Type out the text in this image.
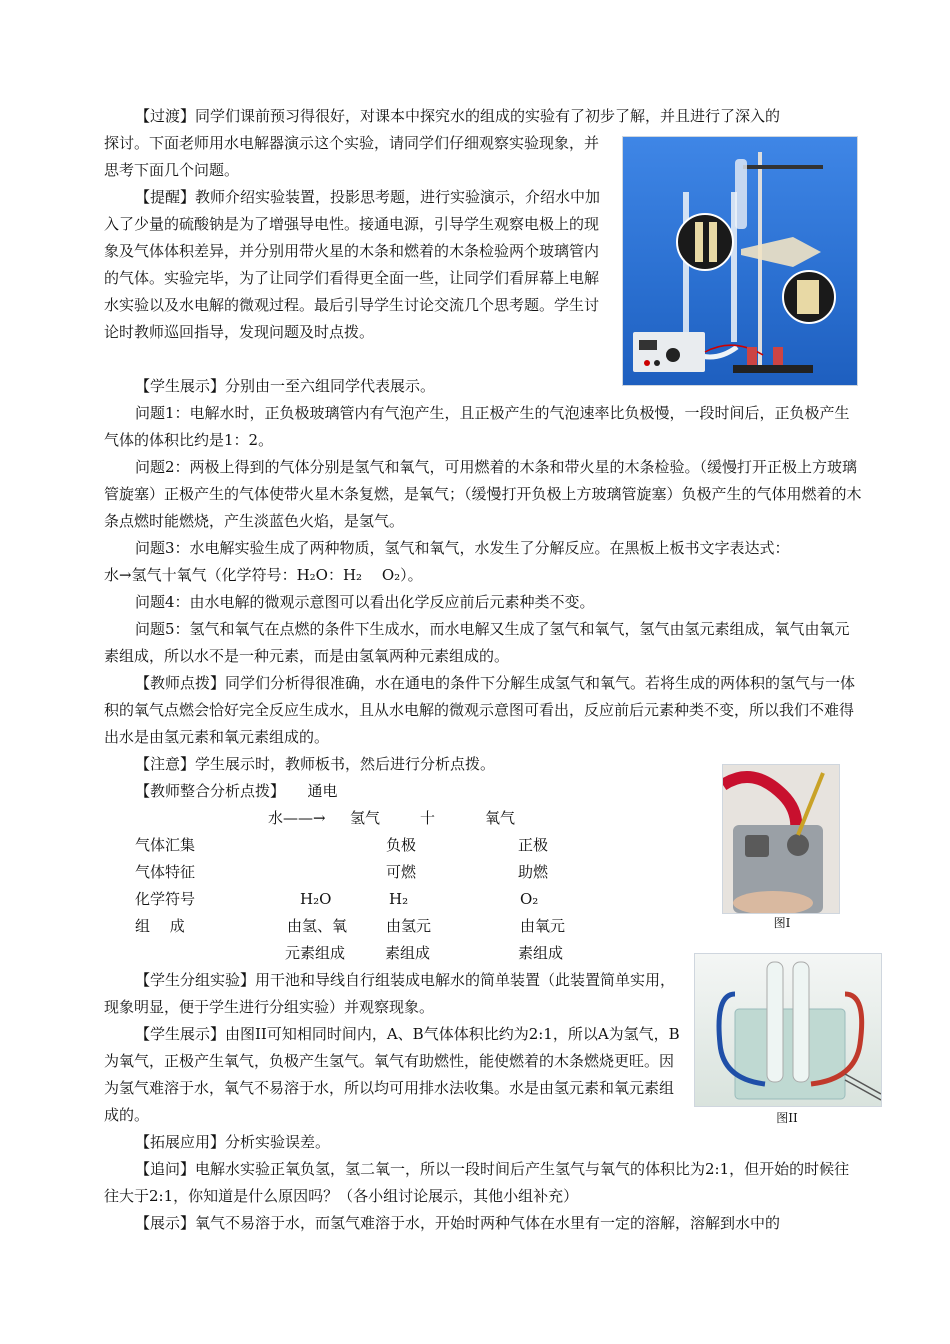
【过渡】同学们课前预习得很好，对课本中探究水的组成的实验有了初步了解，并且进行了深入的

探讨。下面老师用水电解器演示这个实验，请同学们仔细观察实验现象，并思考下面几个问题。

【提醒】教师介绍实验装置，投影思考题，进行实验演示，介绍水中加入了少量的硫酸钠是为了增强导电性。接通电源，引导学生观察电极上的现象及气体体积差异，并分别用带火星的木条和燃着的木条检验两个玻璃管内的气体。实验完毕，为了让同学们看得更全面一些，让同学们看屏幕上电解水实验以及水电解的微观过程。最后引导学生讨论交流几个思考题。学生讨论时教师巡回指导，发现问题及时点拨。

【学生展示】分别由一至六组同学代表展示。

问题1：电解水时，正负极玻璃管内有气泡产生，且正极产生的气泡速率比负极慢，一段时间后，正负极产生气体的体积比约是1：2。

问题2：两极上得到的气体分别是氢气和氧气，可用燃着的木条和带火星的木条检验。（缓慢打开正极上方玻璃管旋塞）正极产生的气体使带火星木条复燃，是氧气；（缓慢打开负极上方玻璃管旋塞）负极产生的气体用燃着的木条点燃时能燃烧，产生淡蓝色火焰，是氢气。

问题3：水电解实验生成了两种物质，氢气和氧气，水发生了分解反应。在黑板上板书文字表达式：

水→氢气十氧气（化学符号：H₂O：H₂　 O₂）。

问题4：由水电解的微观示意图可以看出化学反应前后元素种类不变。

问题5：氢气和氧气在点燃的条件下生成水，而水电解又生成了氢气和氧气，氢气由氢元素组成，氧气由氧元素组成，所以水不是一种元素，而是由氢氧两种元素组成的。

【教师点拨】同学们分析得很准确，水在通电的条件下分解生成氢气和氧气。若将生成的两体积的氢气与一体积的氧气点燃会恰好完全反应生成水，且从水电解的微观示意图可看出，反应前后元素种类不变，所以我们不难得出水是由氢元素和氧元素组成的。

【注意】学生展示时，教师板书，然后进行分析点拨。

【教师整合分析点拨】　　通电

水——→ 氢气	十	氧气
气体汇集	负极	正极
气体特征	可燃	助燃
化学符号	H₂O	H₂	O₂
组　 成	由氢、氧	由氢元	由氧元
元素组成	素组成	素组成
图I

【学生分组实验】用干池和导线自行组装成电解水的简单装置（此装置简单实用，现象明显，便于学生进行分组实验）并观察现象。

图II

【学生展示】由图II可知相同时间内，A、B气体体积比约为2:1，所以A为氢气，B为氧气，正极产生氧气，负极产生氢气。氧气有助燃性，能使燃着的木条燃烧更旺。因为氢气难溶于水，氧气不易溶于水，所以均可用排水法收集。水是由氢元素和氧元素组成的。

【拓展应用】分析实验误差。

【追问】电解水实验正氧负氢，氢二氧一，所以一段时间后产生氢气与氧气的体积比为2:1，但开始的时候往往大于2:1，你知道是什么原因吗？（各小组讨论展示，其他小组补充）

【展示】氧气不易溶于水，而氢气难溶于水，开始时两种气体在水里有一定的溶解，溶解到水中的
